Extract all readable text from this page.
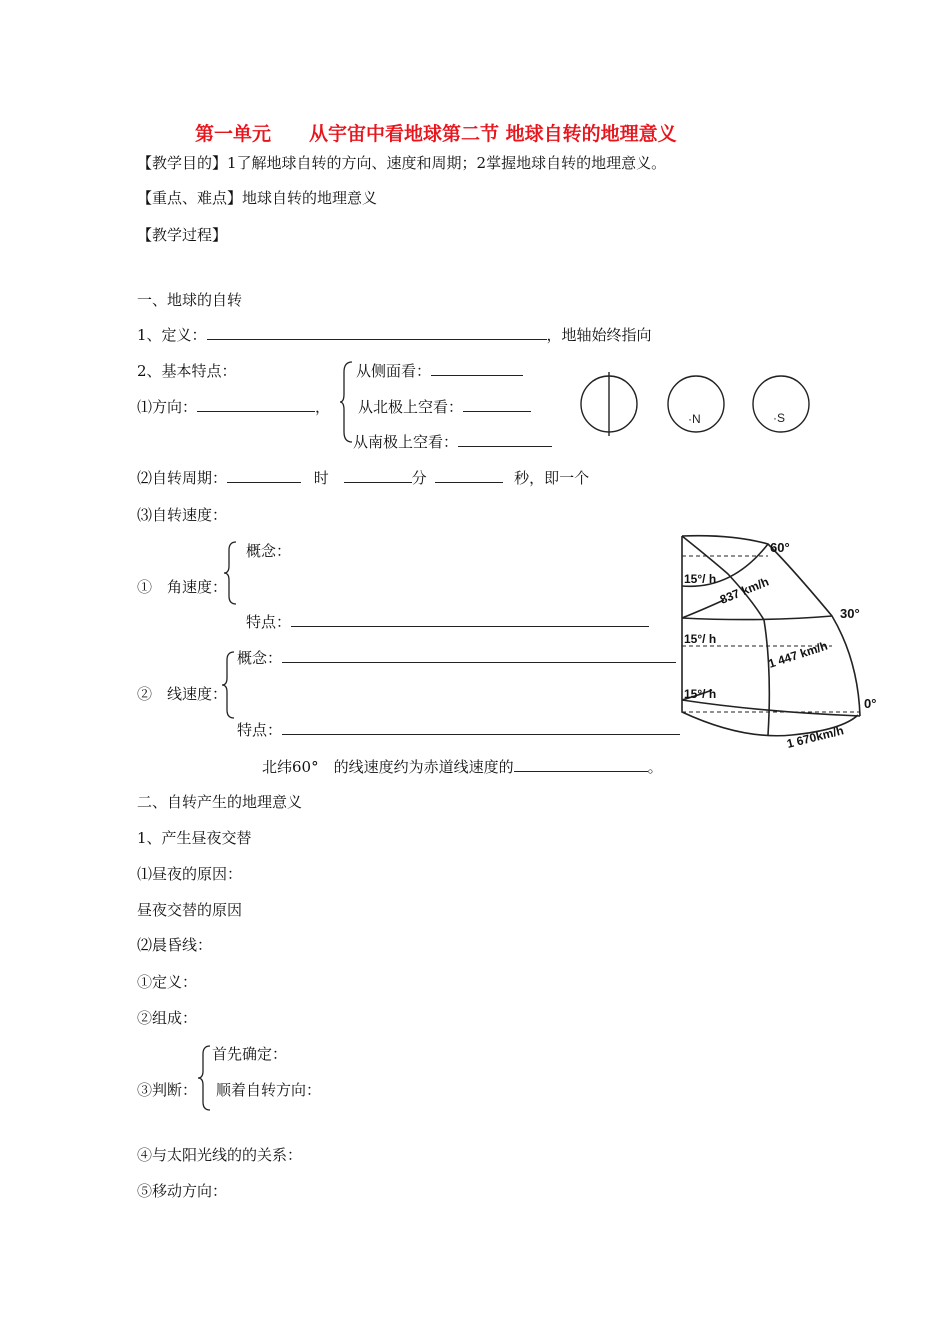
第一单元　　从宇宙中看地球第二节 地球自转的地理意义
【教学目的】1了解地球自转的方向、速度和周期；2掌握地球自转的地理意义。
【重点、难点】地球自转的地理意义
【教学过程】
一、地球的自转
1、定义：	，地轴始终指向
2、基本特点：
⑴方向：	，
从侧面看：
从北极上空看：
从南极上空看：
·N	·S
⑵自转周期：	时	分	秒，即一个
⑶自转速度：
概念：
①　角速度：
特点：
概念：
②　线速度：
特点：
北纬60°　的线速度约为赤道线速度的	。
60°
30°
0°
15°/ h
15°/ h
15°/ h
837 km/h
1 447 km/h
1 670km/h
二、自转产生的地理意义
1、产生昼夜交替
⑴昼夜的原因：
昼夜交替的原因
⑵晨昏线：
①定义：
②组成：
首先确定：
③判断： 顺着自转方向：
④与太阳光线的的关系：
⑤移动方向：
